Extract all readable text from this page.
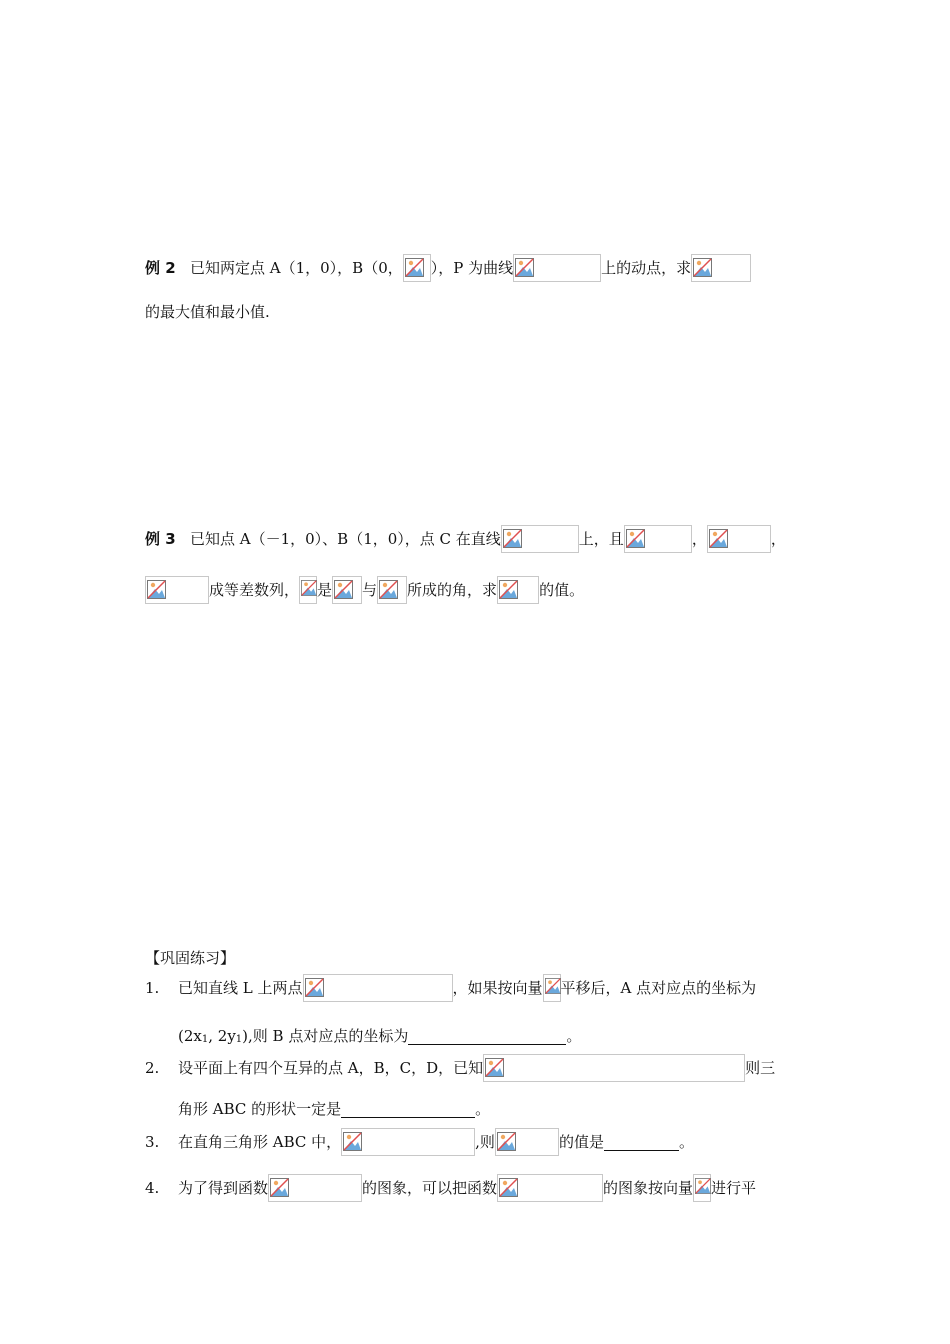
例 2 已知两定点 A（1，0），B（0， ），P 为曲线	上的动点，求
的最大值和最小值.
例 3 已知点 A（－1，0）、B（1，0），点 C 在直线	上，且	，	，
成等差数列， 是 与 所成的角，求	的值。
【巩固练习】
1. 已知直线 L 上两点	，如果按向量 平移后，A 点对应点的坐标为
($2x_1$, $2y_1$),则 B 点对应点的坐标为	。
2. 设平面上有四个互异的点 A，B，C，D，已知	则三
角形 ABC 的形状一定是	。
3. 在直角三角形 ABC 中，	,则	的值是	。
4. 为了得到函数	的图象，可以把函数	的图象按向量 进行平
